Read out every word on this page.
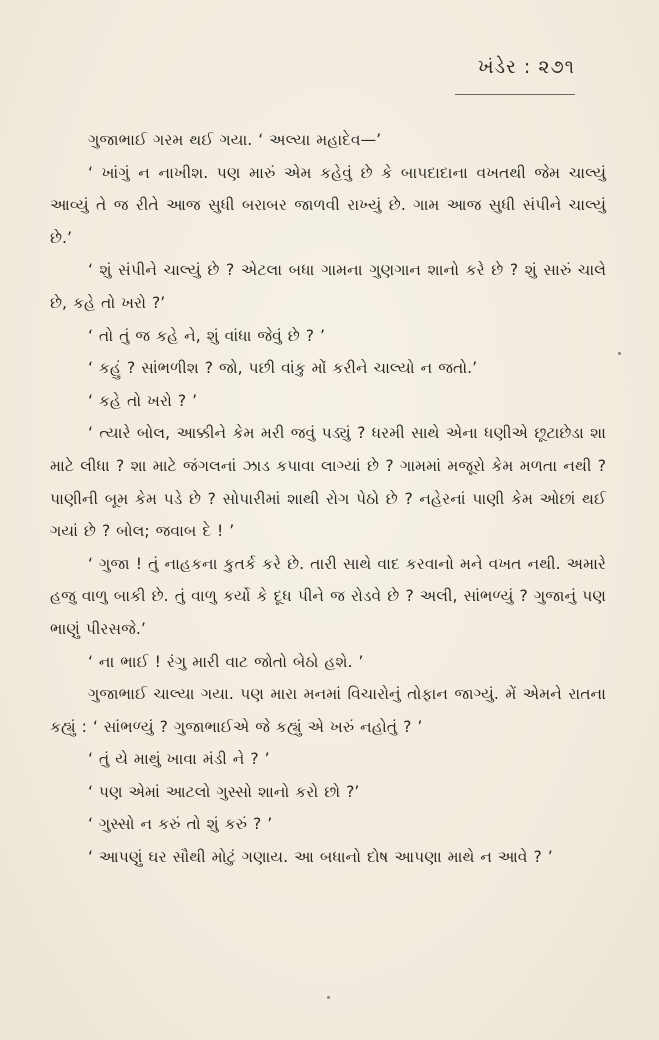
ખંડેર : ૨૭૧

ગુજાભાઈ ગરમ થઈ ગયા. ‘ અલ્યા મહાદેવ—’

‘ ખાંગું ન નાખીશ. પણ મારું એમ કહેવું છે કે બાપદાદાના વખતથી જેમ ચાલ્યું આવ્યું તે જ રીતે આજ સુધી બરાબર જાળવી રાખ્યું છે. ગામ આજ સુધી સંપીને ચાલ્યું છે.’

‘ શું સંપીને ચાલ્યું છે ? એટલા બધા ગામના ગુણગાન શાનો કરે છે ? શું સારું ચાલે છે, કહે તો ખરો ?’

‘ તો તું જ કહે ને, શું વાંધા જેવું છે ? ’

‘ કહું ? સાંભળીશ ? જો, પછી વાંકુ મોં કરીને ચાલ્યો ન જતો.’

‘ કહે તો ખરો ? ’

‘ ત્યારે બોલ, આક્કીને કેમ મરી જવું પડ્યું ? ધરમી સાથે એના ધણીએ છૂટાછેડા શા માટે લીધા ? શા માટે જંગલનાં ઝાડ કપાવા લાગ્યાં છે ? ગામમાં મજૂરો કેમ મળતા નથી ? પાણીની બૂમ કેમ પડે છે ? સોપારીમાં શાથી રોગ પેઠો છે ? નહેરનાં પાણી કેમ ઓછાં થઈ ગયાં છે ? બોલ; જવાબ દે ! ’

‘ ગુજા ! તું નાહકના કુતર્ક કરે છે. તારી સાથે વાદ કરવાનો મને વખત નથી. અમારે હજુ વાળુ બાકી છે. તું વાળુ કર્યો કે દૂધ પીને જ રોડવે છે ? અલી, સાંભળ્યું ? ગુજાનું પણ ભાણું પીરસજે.’

‘ ના ભાઈ ! રંગુ મારી વાટ જોતો બેઠો હશે. ’

ગુજાભાઈ ચાલ્યા ગયા. પણ મારા મનમાં વિચારોનું તોફાન જાગ્યું. મેં એમને રાતના કહ્યું : ‘ સાંભળ્યું ? ગુજાભાઈએ જે કહ્યું એ ખરું નહોતું ? ’

‘ તું યે માથું ખાવા મંડી ને ? ’

‘ પણ એમાં આટલો ગુસ્સો શાનો કરો છો ?’

‘ ગુસ્સો ન કરું તો શું કરું ? ’

‘ આપણું ઘર સૌથી મોટું ગણાય. આ બધાનો દોષ આપણા માથે ન આવે ? ’
